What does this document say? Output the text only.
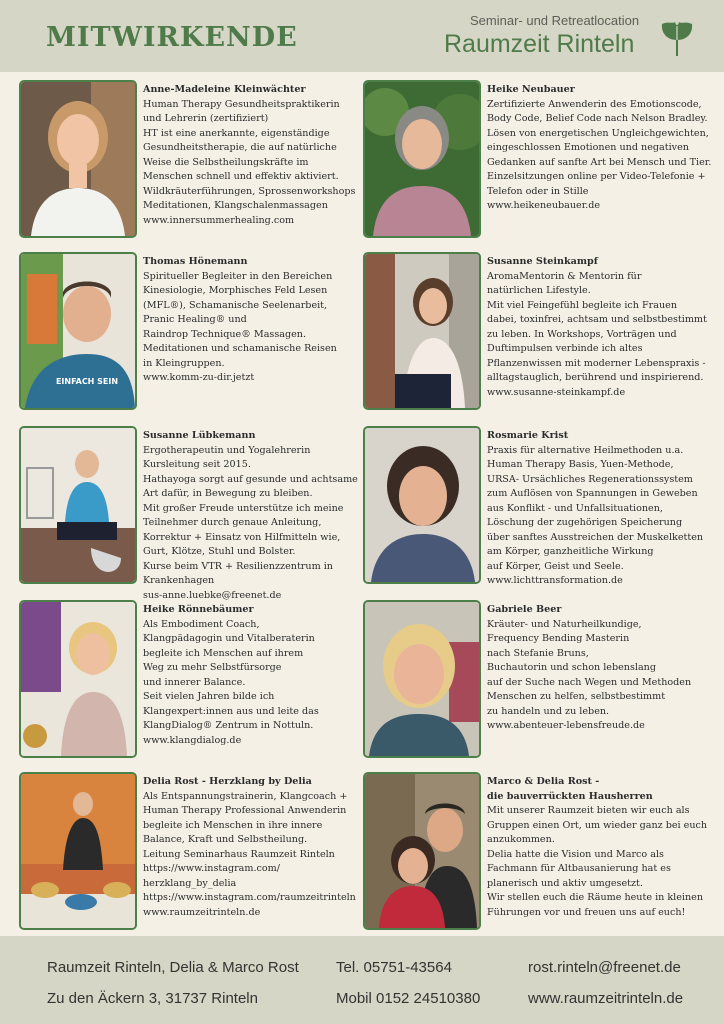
MITWIRKENDE
Seminar- und Retreatlocation
Raumzeit Rinteln
Anne-Madeleine Kleinwächter
Human Therapy Gesundheitspraktikerin
und Lehrerin (zertifiziert)
HT ist eine anerkannte, eigenständige
Gesundheitstherapie, die auf natürliche
Weise die Selbstheilungskräfte im
Menschen schnell und effektiv aktiviert.
Wildkräuterführungen, Sprossenworkshops
Meditationen, Klangschalenmassagen
www.innersummerhealing.com
Heike Neubauer
Zertifizierte Anwenderin des Emotionscode,
Body Code, Belief Code nach Nelson Bradley.
Lösen von energetischen Ungleichgewichten,
eingeschlossen Emotionen und negativen
Gedanken auf sanfte Art bei Mensch und Tier.
Einzelsitzungen online per Video-Telefonie +
Telefon oder in Stille
www.heikeneubauer.de
EINFACH SEIN
Thomas Hönemann
Spiritueller Begleiter in den Bereichen
Kinesiologie, Morphisches Feld Lesen
(MFL®), Schamanische Seelenarbeit,
Pranic Healing® und
Raindrop Technique® Massagen.
Meditationen und schamanische Reisen
in Kleingruppen.
www.komm-zu-dir.jetzt
Susanne Steinkampf
AromaMentorin & Mentorin für
natürlichen Lifestyle.
Mit viel Feingefühl begleite ich Frauen
dabei, toxinfrei, achtsam und selbstbestimmt
zu leben. In Workshops, Vorträgen und
Duftimpulsen verbinde ich altes
Pflanzenwissen mit moderner Lebenspraxis -
alltagstauglich, berührend und inspirierend.
www.susanne-steinkampf.de
Susanne Lübkemann
Ergotherapeutin und Yogalehrerin
Kursleitung seit 2015.
Hathayoga sorgt auf gesunde und achtsame
Art dafür, in Bewegung zu bleiben.
Mit großer Freude unterstütze ich meine
Teilnehmer durch genaue Anleitung,
Korrektur + Einsatz von Hilfmitteln wie,
Gurt, Klötze, Stuhl und Bolster.
Kurse beim VTR + Resilienzzentrum in
Krankenhagen
sus-anne.luebke@freenet.de
Rosmarie Krist
Praxis für alternative Heilmethoden u.a.
Human Therapy Basis, Yuen-Methode,
URSA- Ursächliches Regenerationssystem
zum Auflösen von Spannungen in Geweben
aus Konflikt - und Unfallsituationen,
Löschung der zugehörigen Speicherung
über sanftes Ausstreichen der Muskelketten
am Körper, ganzheitliche Wirkung
auf Körper, Geist und Seele.
www.lichttransformation.de
Heike Rönnebäumer
Als Embodiment Coach,
Klangpädagogin und Vitalberaterin
begleite ich Menschen auf ihrem
Weg zu mehr Selbstfürsorge
und innerer Balance.
Seit vielen Jahren bilde ich
Klangexpert:innen aus und leite das
KlangDialog® Zentrum in Nottuln.
www.klangdialog.de
Gabriele Beer
Kräuter- und Naturheilkundige,
Frequency Bending Masterin
nach Stefanie Bruns,
Buchautorin und schon lebenslang
auf der Suche nach Wegen und Methoden
Menschen zu helfen, selbstbestimmt
zu handeln und zu leben.
www.abenteuer-lebensfreude.de
Delia Rost - Herzklang by Delia
Als Entspannungstrainerin, Klangcoach +
Human Therapy Professional Anwenderin
begleite ich Menschen in ihre innere
Balance, Kraft und Selbstheilung.
Leitung Seminarhaus Raumzeit Rinteln
https://www.instagram.com/
herzklang_by_delia
https://www.instagram.com/raumzeitrinteln
www.raumzeitrinteln.de
Marco & Delia Rost -
die bauverrückten Hausherren
Mit unserer Raumzeit bieten wir euch als
Gruppen einen Ort, um wieder ganz bei euch
anzukommen.
Delia hatte die Vision und Marco als
Fachmann für Altbausanierung hat es
planerisch und aktiv umgesetzt.
Wir stellen euch die Räume heute in kleinen
Führungen vor und freuen uns auf euch!
Raumzeit Rinteln, Delia & Marco Rost
Zu den Äckern 3, 31737 Rinteln
Tel. 05751-43564
Mobil 0152 24510380
rost.rinteln@freenet.de
www.raumzeitrinteln.de
